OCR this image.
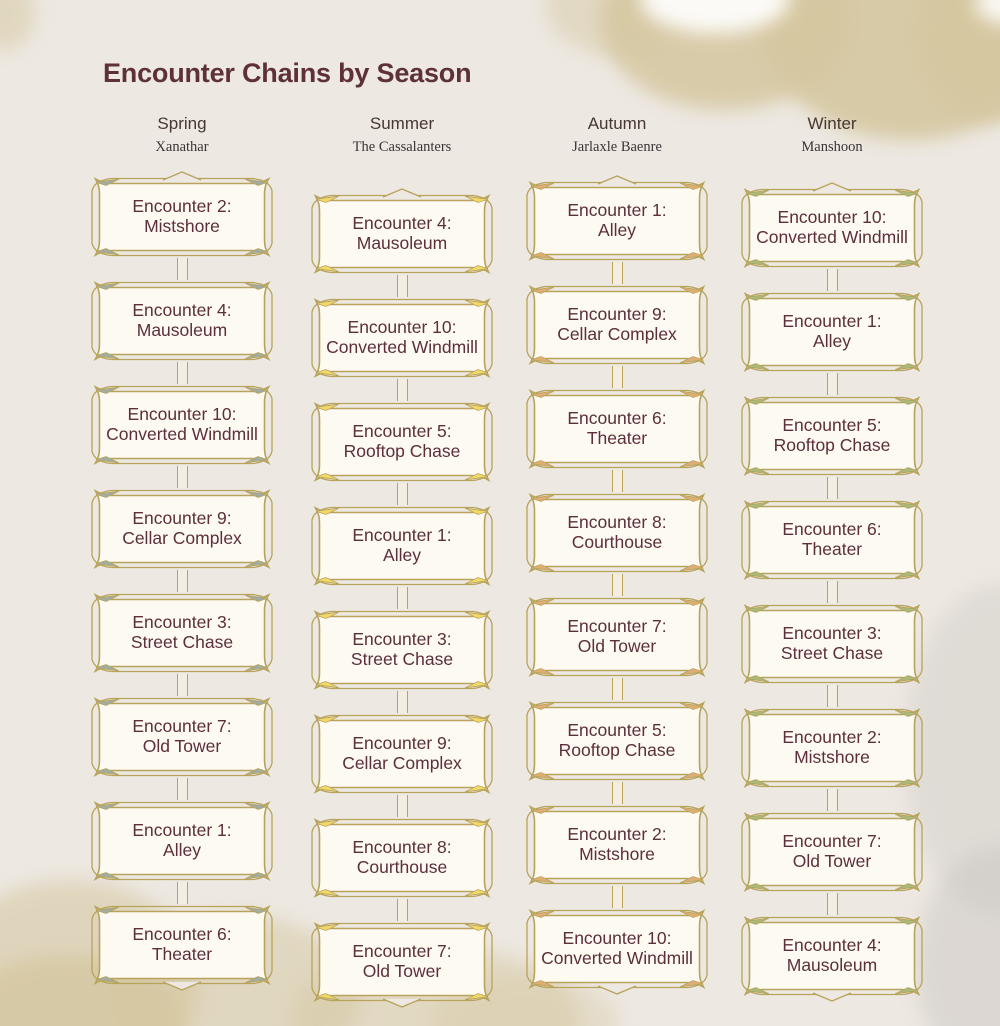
Encounter Chains by Season
Spring
Xanathar
Encounter 2:
Mistshore
Encounter 4:
Mausoleum
Encounter 10:
Converted Windmill
Encounter 9:
Cellar Complex
Encounter 3:
Street Chase
Encounter 7:
Old Tower
Encounter 1:
Alley
Encounter 6:
Theater
Summer
The Cassalanters
Encounter 4:
Mausoleum
Encounter 10:
Converted Windmill
Encounter 5:
Rooftop Chase
Encounter 1:
Alley
Encounter 3:
Street Chase
Encounter 9:
Cellar Complex
Encounter 8:
Courthouse
Encounter 7:
Old Tower
Autumn
Jarlaxle Baenre
Encounter 1:
Alley
Encounter 9:
Cellar Complex
Encounter 6:
Theater
Encounter 8:
Courthouse
Encounter 7:
Old Tower
Encounter 5:
Rooftop Chase
Encounter 2:
Mistshore
Encounter 10:
Converted Windmill
Winter
Manshoon
Encounter 10:
Converted Windmill
Encounter 1:
Alley
Encounter 5:
Rooftop Chase
Encounter 6:
Theater
Encounter 3:
Street Chase
Encounter 2:
Mistshore
Encounter 7:
Old Tower
Encounter 4:
Mausoleum
